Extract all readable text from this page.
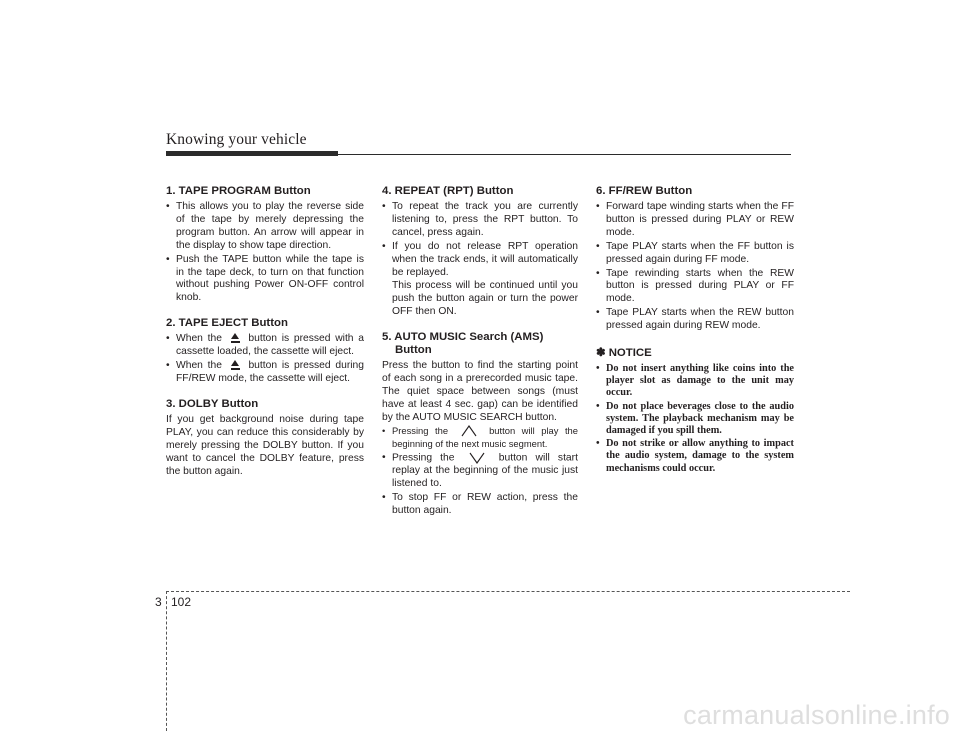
Knowing your vehicle
1. TAPE PROGRAM Button
• This allows you to play the reverse side of the tape by merely depressing the program button. An arrow will appear in the display to show tape direction.
• Push the TAPE button while the tape is in the tape deck, to turn on that function without pushing Power ON-OFF control knob.
2. TAPE EJECT Button
• When the	button is pressed with a cassette loaded, the cassette will eject.
• When the	button is pressed during FF/REW mode, the cassette will eject.
3. DOLBY Button

If you get background noise during tape PLAY, you can reduce this considerably by merely pressing the DOLBY button. If you want to cancel the DOLBY feature, press the button again.

4. REPEAT (RPT) Button
• To repeat the track you are currently listening to, press the RPT button. To cancel, press again.
• If you do not release RPT operation when the track ends, it will automatically be replayed.
This process will be continued until you push the button again or turn the power OFF then ON.
5. AUTO MUSIC Search (AMS)
Button

Press the button to find the starting point of each song in a prerecorded music tape. The quiet space between songs (must have at least 4 sec. gap) can be identified by the AUTO MUSIC SEARCH button.

• Pressing the	button will play the beginning of the next music segment.
• Pressing the	button will start replay at the beginning of the music just listened to.
• To stop FF or REW action, press the button again.
6. FF/REW Button
• Forward tape winding starts when the FF button is pressed during PLAY or REW mode.
• Tape PLAY starts when the FF button is pressed again during FF mode.
• Tape rewinding starts when the REW button is pressed during PLAY or FF mode.
• Tape PLAY starts when the REW button pressed again during REW mode.
✽ NOTICE
• Do not insert anything like coins into the player slot as damage to the unit may occur.
• Do not place beverages close to the audio system. The playback mechanism may be damaged if you spill them.
• Do not strike or allow anything to impact the audio system, damage to the system mechanisms could occur.
3 102
carmanualsonline.info
